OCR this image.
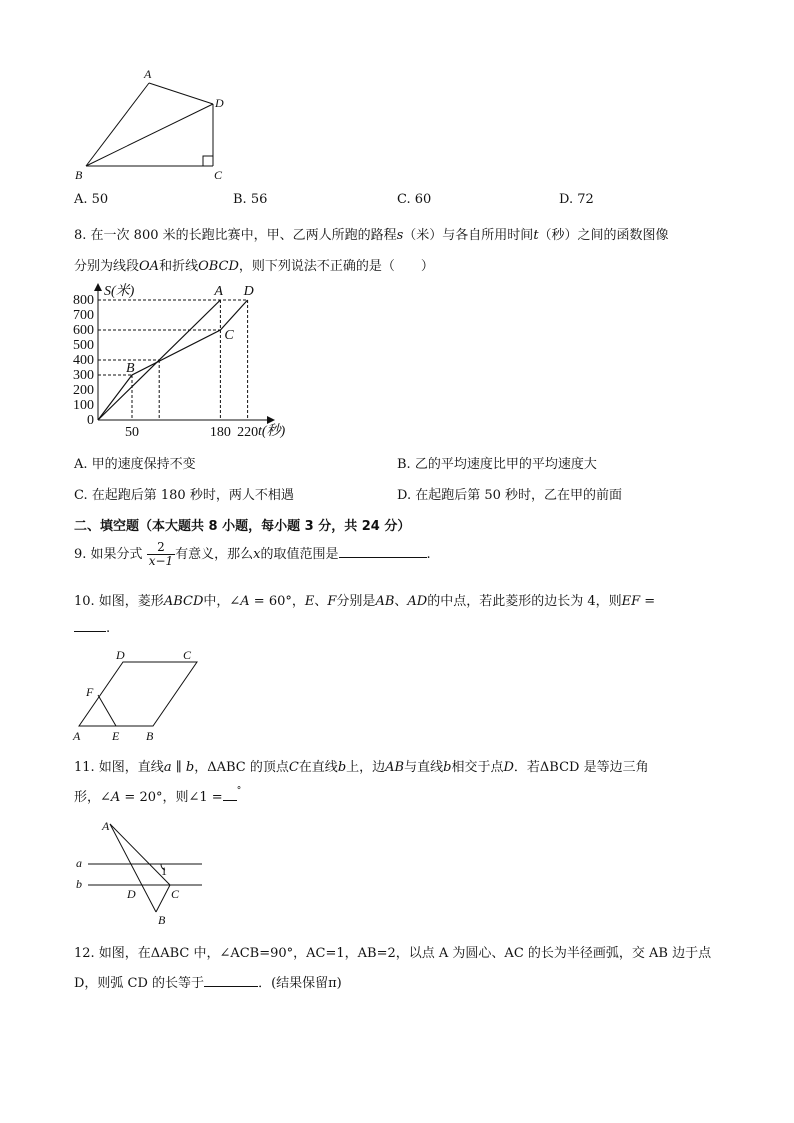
A
D
B	C
A. 50	B. 56	C. 60	D. 72
8. 在一次 800 米的长跑比赛中，甲、乙两人所跑的路程s（米）与各自所用时间t（秒）之间的函数图像
分别为线段OA和折线OBCD，则下列说法不正确的是（　　）
S(米)
t(秒)
0
100
200
300
400
500
600
700
800
50	180 220
A
B
C
D
A. 甲的速度保持不变	B. 乙的平均速度比甲的平均速度大
C. 在起跑后第 180 秒时，两人不相遇	D. 在起跑后第 50 秒时，乙在甲的前面
二、填空题（本大题共 8 小题，每小题 3 分，共 24 分）
9. 如果分式 $\frac{2}{x-1}$ 有意义，那么x的取值范围是	.
10. 如图，菱形ABCD中，∠A = 60°，E、F分别是AB、AD的中点，若此菱形的边长为 4，则EF =
.
D	C
F
A	E B
11. 如图，直线a ∥ b，ΔABC 的顶点C在直线b上，边AB与直线b相交于点D．若ΔBCD 是等边三角
形，∠A = 20°，则∠1 = °
A
a
b
1
D	C
B
12. 如图，在ΔABC 中，∠ACB=90°，AC=1，AB=2，以点 A 为圆心、AC 的长为半径画弧，交 AB 边于点
D，则弧 CD 的长等于	．(结果保留π)
